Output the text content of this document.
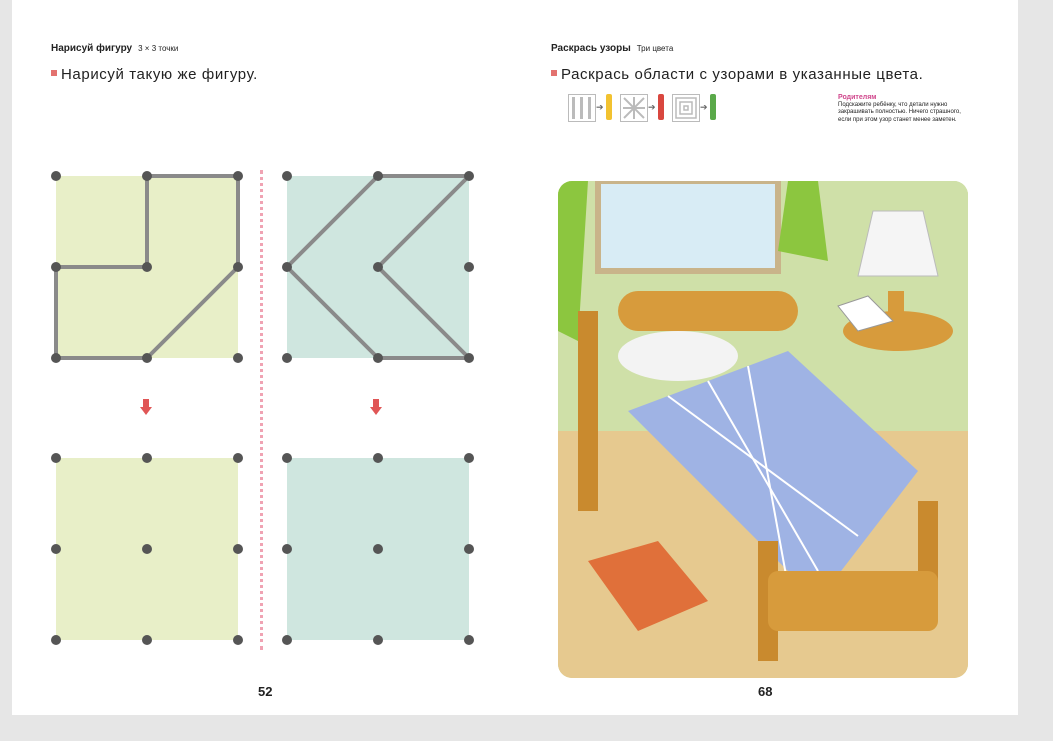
Нарисуй фигуру 3 × 3 точки
Нарисуй такую же фигуру.
52
Раскрась узоры Три цвета
Раскрась области с узорами в указанные цвета.
➔	➔	➔
Родителям
Подскажите ребёнку, что детали нужно закрашивать полностью. Ничего страшного, если при этом узор станет менее заметен.
68
